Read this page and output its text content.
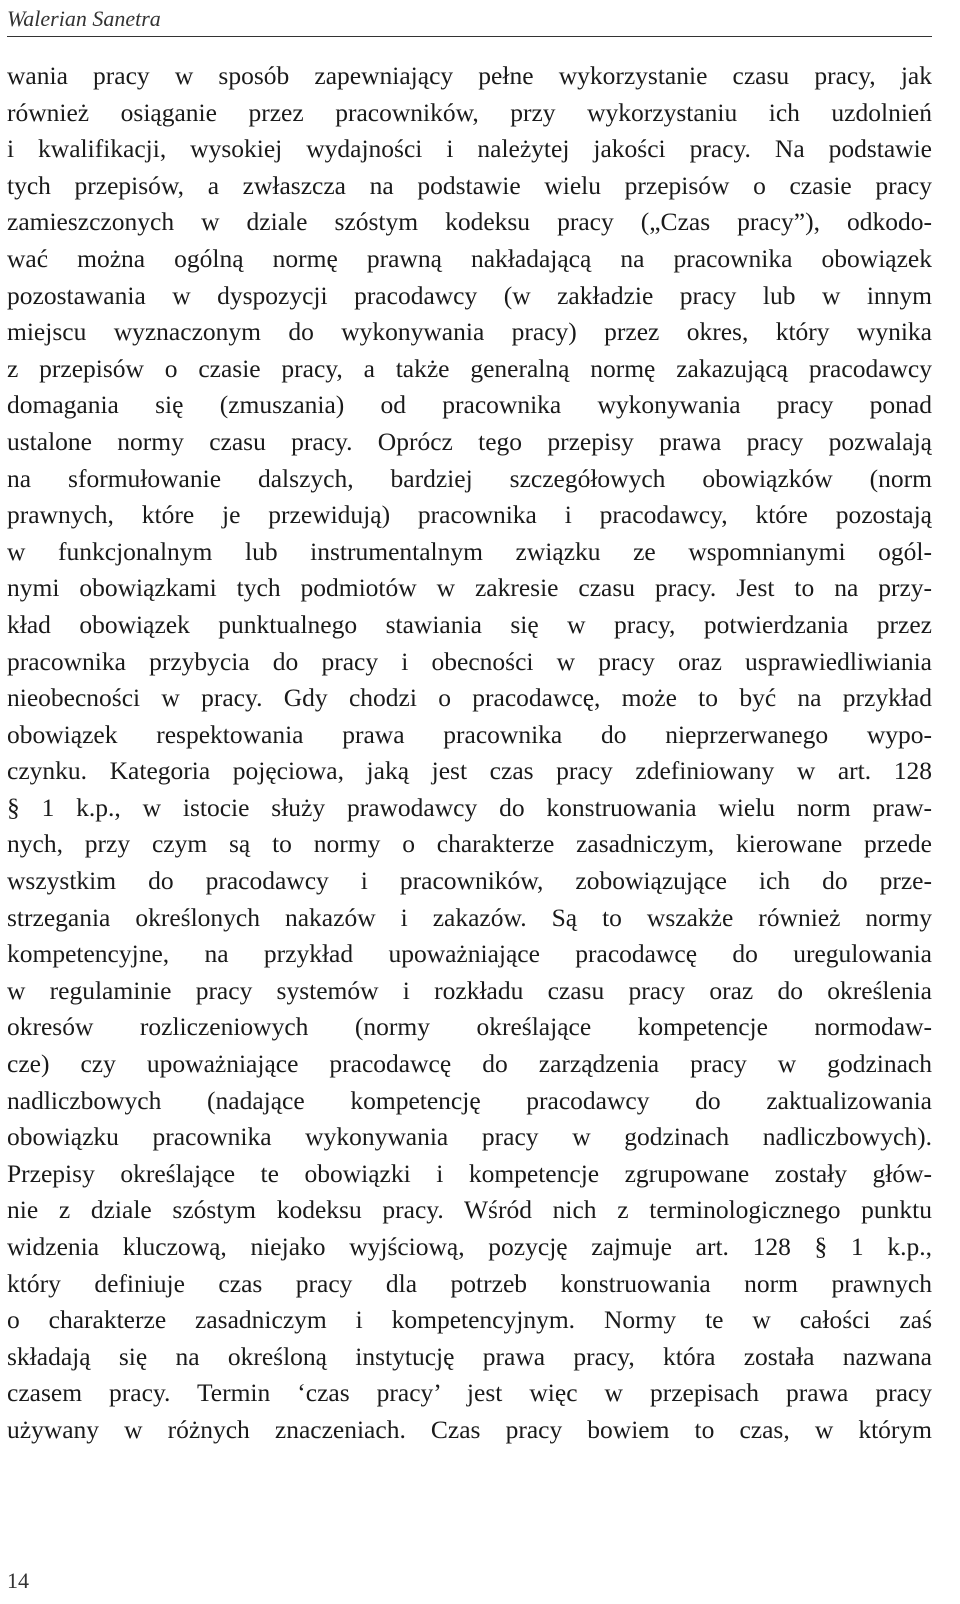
Walerian Sanetra
wania pracy w sposób zapewniający pełne wykorzystanie czasu pracy, jak
również osiąganie przez pracowników, przy wykorzystaniu ich uzdolnień
i kwalifikacji, wysokiej wydajności i należytej jakości pracy. Na podstawie
tych przepisów, a zwłaszcza na podstawie wielu przepisów o czasie pracy
zamieszczonych w dziale szóstym kodeksu pracy („Czas pracy”), odkodo-
wać można ogólną normę prawną nakładającą na pracownika obowiązek
pozostawania w dyspozycji pracodawcy (w zakładzie pracy lub w innym
miejscu wyznaczonym do wykonywania pracy) przez okres, który wynika
z przepisów o czasie pracy, a także generalną normę zakazującą pracodawcy
domagania się (zmuszania) od pracownika wykonywania pracy ponad
ustalone normy czasu pracy. Oprócz tego przepisy prawa pracy pozwalają
na sformułowanie dalszych, bardziej szczegółowych obowiązków (norm
prawnych, które je przewidują) pracownika i pracodawcy, które pozostają
w funkcjonalnym lub instrumentalnym związku ze wspomnianymi ogól-
nymi obowiązkami tych podmiotów w zakresie czasu pracy. Jest to na przy-
kład obowiązek punktualnego stawiania się w pracy, potwierdzania przez
pracownika przybycia do pracy i obecności w pracy oraz usprawiedliwiania
nieobecności w pracy. Gdy chodzi o pracodawcę, może to być na przykład
obowiązek respektowania prawa pracownika do nieprzerwanego wypo-
czynku. Kategoria pojęciowa, jaką jest czas pracy zdefiniowany w art. 128
§ 1 k.p., w istocie służy prawodawcy do konstruowania wielu norm praw-
nych, przy czym są to normy o charakterze zasadniczym, kierowane przede
wszystkim do pracodawcy i pracowników, zobowiązujące ich do prze-
strzegania określonych nakazów i zakazów. Są to wszakże również normy
kompetencyjne, na przykład upoważniające pracodawcę do uregulowania
w regulaminie pracy systemów i rozkładu czasu pracy oraz do określenia
okresów rozliczeniowych (normy określające kompetencje normodaw-
cze) czy upoważniające pracodawcę do zarządzenia pracy w godzinach
nadliczbowych (nadające kompetencję pracodawcy do zaktualizowania
obowiązku pracownika wykonywania pracy w godzinach nadliczbowych).
Przepisy określające te obowiązki i kompetencje zgrupowane zostały głów-
nie z dziale szóstym kodeksu pracy. Wśród nich z terminologicznego punktu
widzenia kluczową, niejako wyjściową, pozycję zajmuje art. 128 § 1 k.p.,
który definiuje czas pracy dla potrzeb konstruowania norm prawnych
o charakterze zasadniczym i kompetencyjnym. Normy te w całości zaś
składają się na określoną instytucję prawa pracy, która została nazwana
czasem pracy. Termin ‘czas pracy’ jest więc w przepisach prawa pracy
używany w różnych znaczeniach. Czas pracy bowiem to czas, w którym
14
